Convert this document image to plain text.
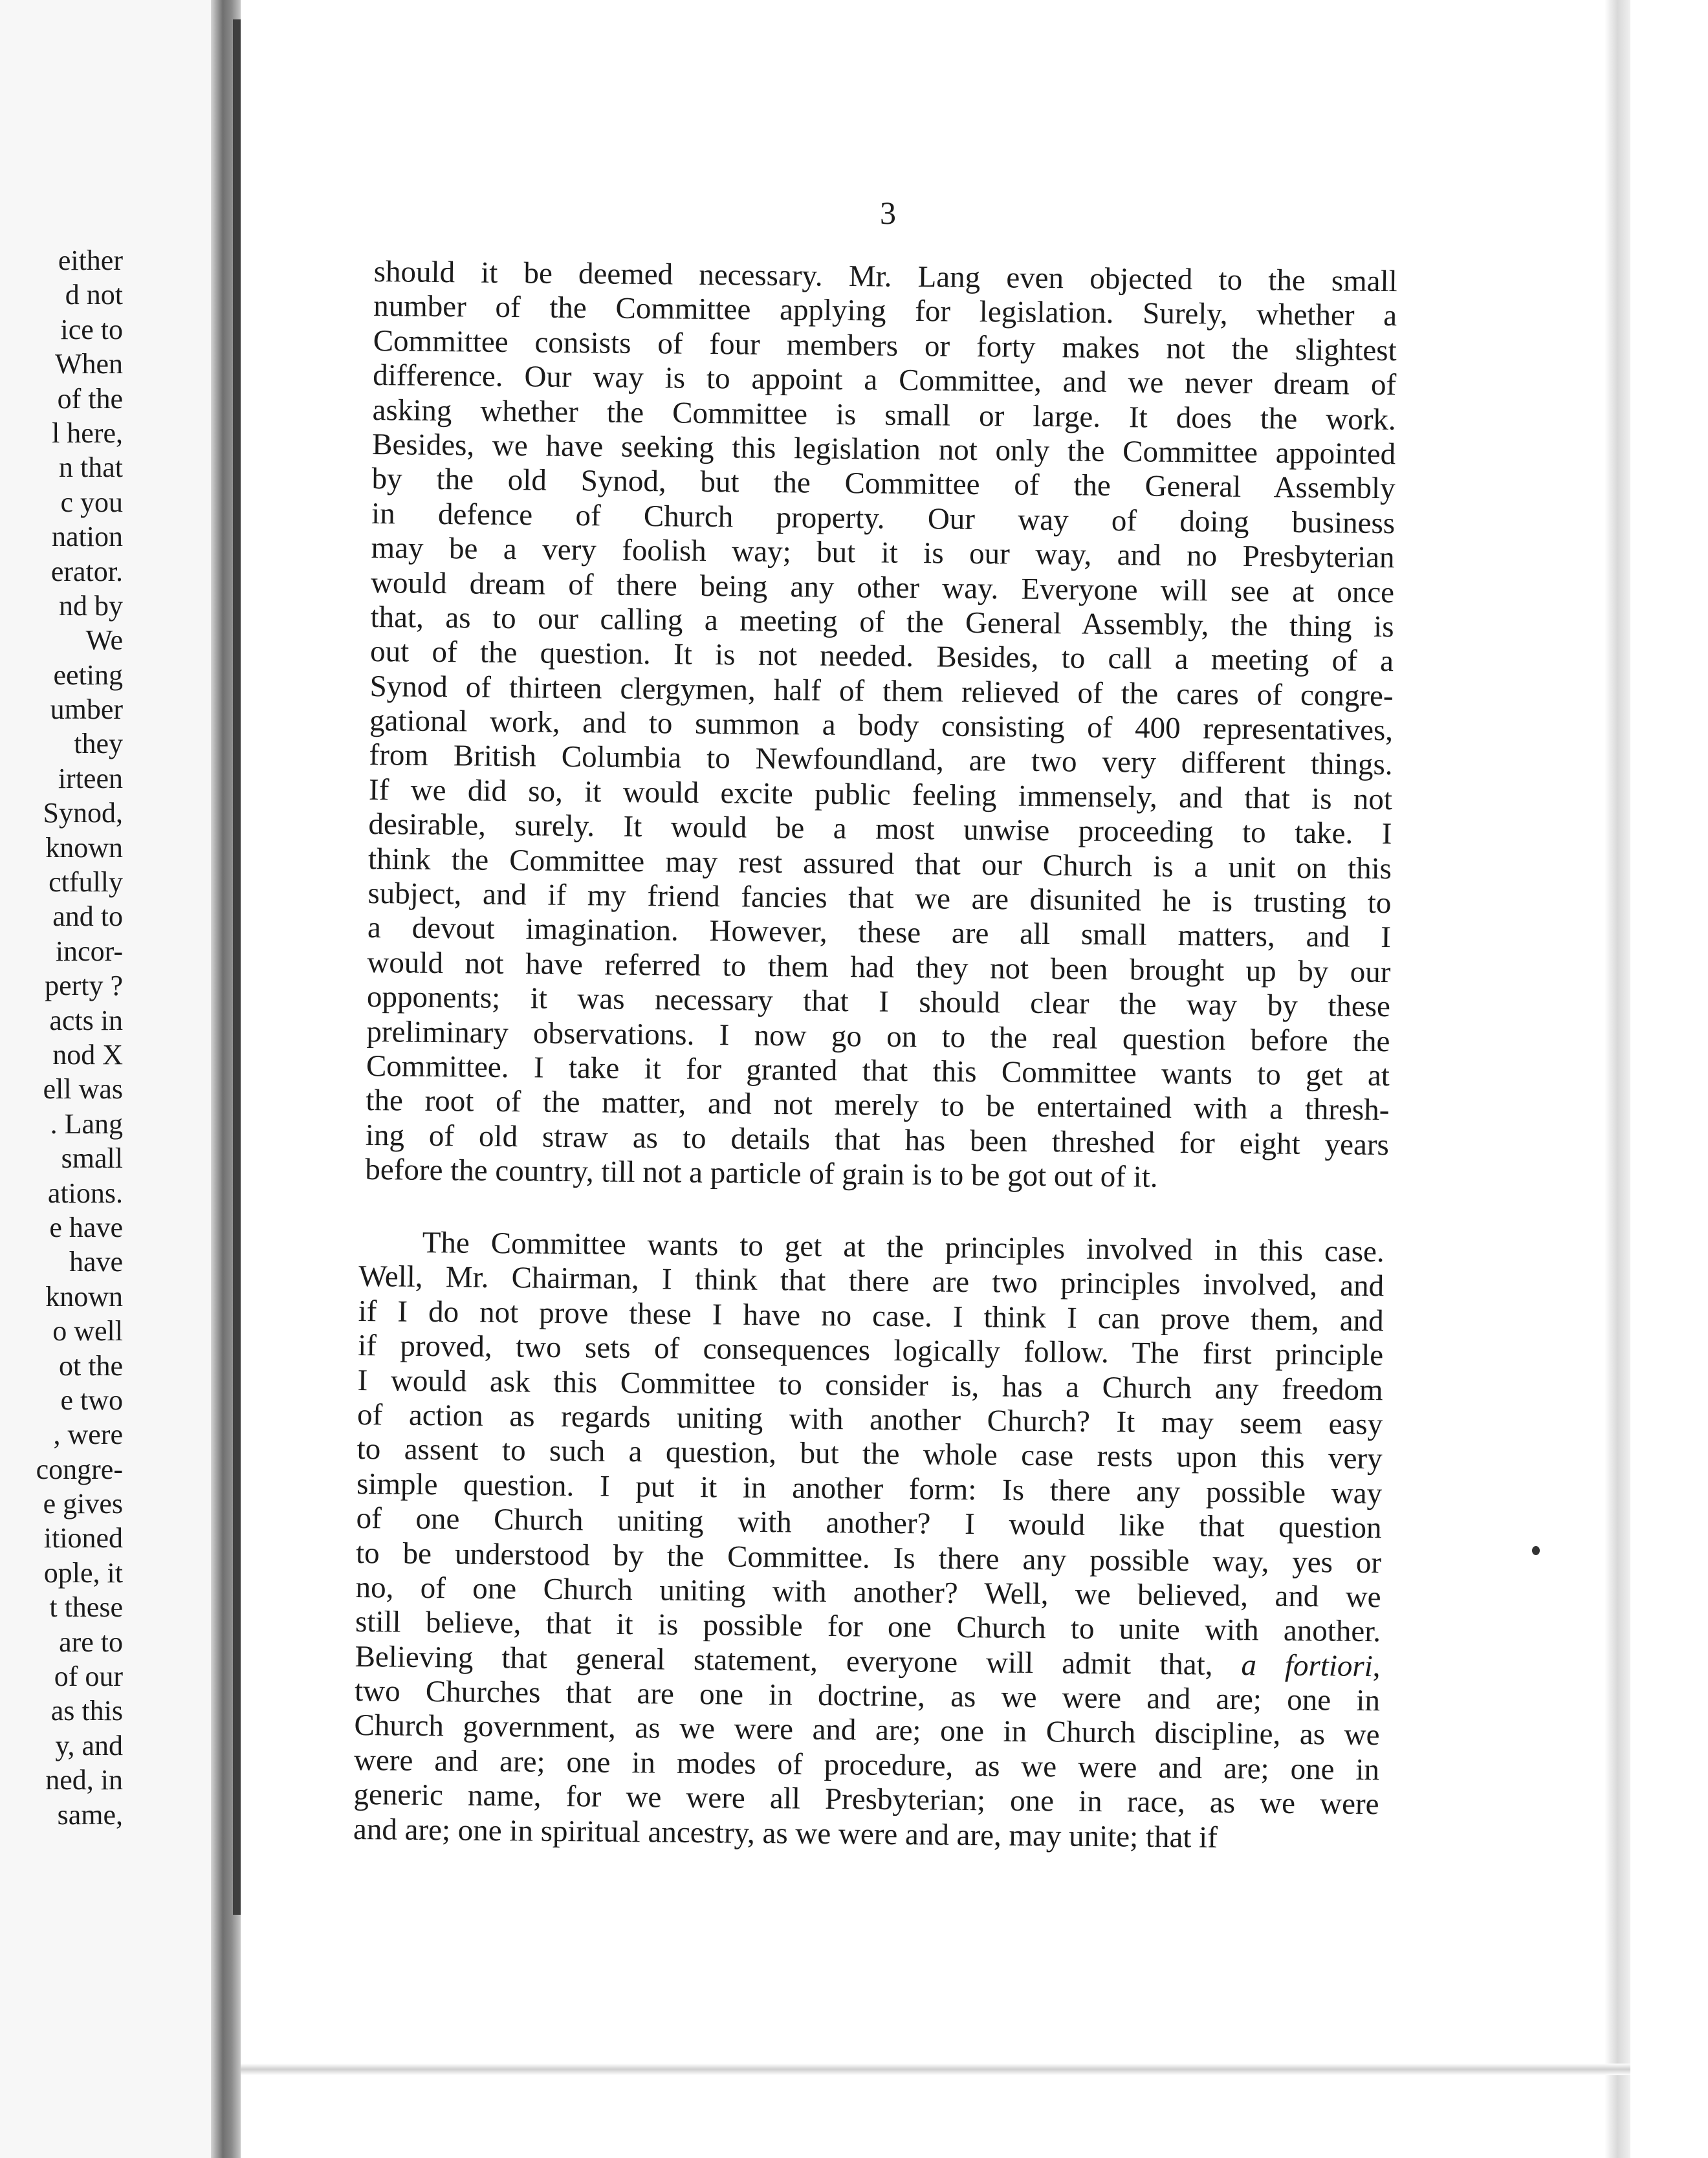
either
d not
ice to
When
of the
l here,
n that
c you
nation
erator.
nd by
We
eeting
umber
they
irteen
Synod,
known
ctfully
and to
incor-
perty ?
acts in
nod X
ell was
. Lang
small
ations.
e have
have
known
o well
ot the
e two
, were
congre-
e gives
itioned
ople, it
t these
are to
of our
as this
y, and
ned, in
same,
3
should it be deemed necessary. Mr. Lang even objected to the small
number of the Committee applying for legislation. Surely, whether a
Committee consists of four members or forty makes not the slightest
difference. Our way is to appoint a Committee, and we never dream of
asking whether the Committee is small or large. It does the work.
Besides, we have seeking this legislation not only the Committee appointed
by the old Synod, but the Committee of the General Assembly
in defence of Church property. Our way of doing business
may be a very foolish way; but it is our way, and no Presbyterian
would dream of there being any other way. Everyone will see at once
that, as to our calling a meeting of the General Assembly, the thing is
out of the question. It is not needed. Besides, to call a meeting of a
Synod of thirteen clergymen, half of them relieved of the cares of congre-
gational work, and to summon a body consisting of 400 representatives,
from British Columbia to Newfoundland, are two very different things.
If we did so, it would excite public feeling immensely, and that is not
desirable, surely. It would be a most unwise proceeding to take. I
think the Committee may rest assured that our Church is a unit on this
subject, and if my friend fancies that we are disunited he is trusting to
a devout imagination. However, these are all small matters, and I
would not have referred to them had they not been brought up by our
opponents; it was necessary that I should clear the way by these
preliminary observations. I now go on to the real question before the
Committee. I take it for granted that this Committee wants to get at
the root of the matter, and not merely to be entertained with a thresh-
ing of old straw as to details that has been threshed for eight years
before the country, till not a particle of grain is to be got out of it.
The Committee wants to get at the principles involved in this case.
Well, Mr. Chairman, I think that there are two principles involved, and
if I do not prove these I have no case. I think I can prove them, and
if proved, two sets of consequences logically follow. The first principle
I would ask this Committee to consider is, has a Church any freedom
of action as regards uniting with another Church? It may seem easy
to assent to such a question, but the whole case rests upon this very
simple question. I put it in another form: Is there any possible way
of one Church uniting with another? I would like that question
to be understood by the Committee. Is there any possible way, yes or
no, of one Church uniting with another? Well, we believed, and we
still believe, that it is possible for one Church to unite with another.
Believing that general statement, everyone will admit that, a fortiori,
two Churches that are one in doctrine, as we were and are; one in
Church government, as we were and are; one in Church discipline, as we
were and are; one in modes of procedure, as we were and are; one in
generic name, for we were all Presbyterian; one in race, as we were
and are; one in spiritual ancestry, as we were and are, may unite; that if
